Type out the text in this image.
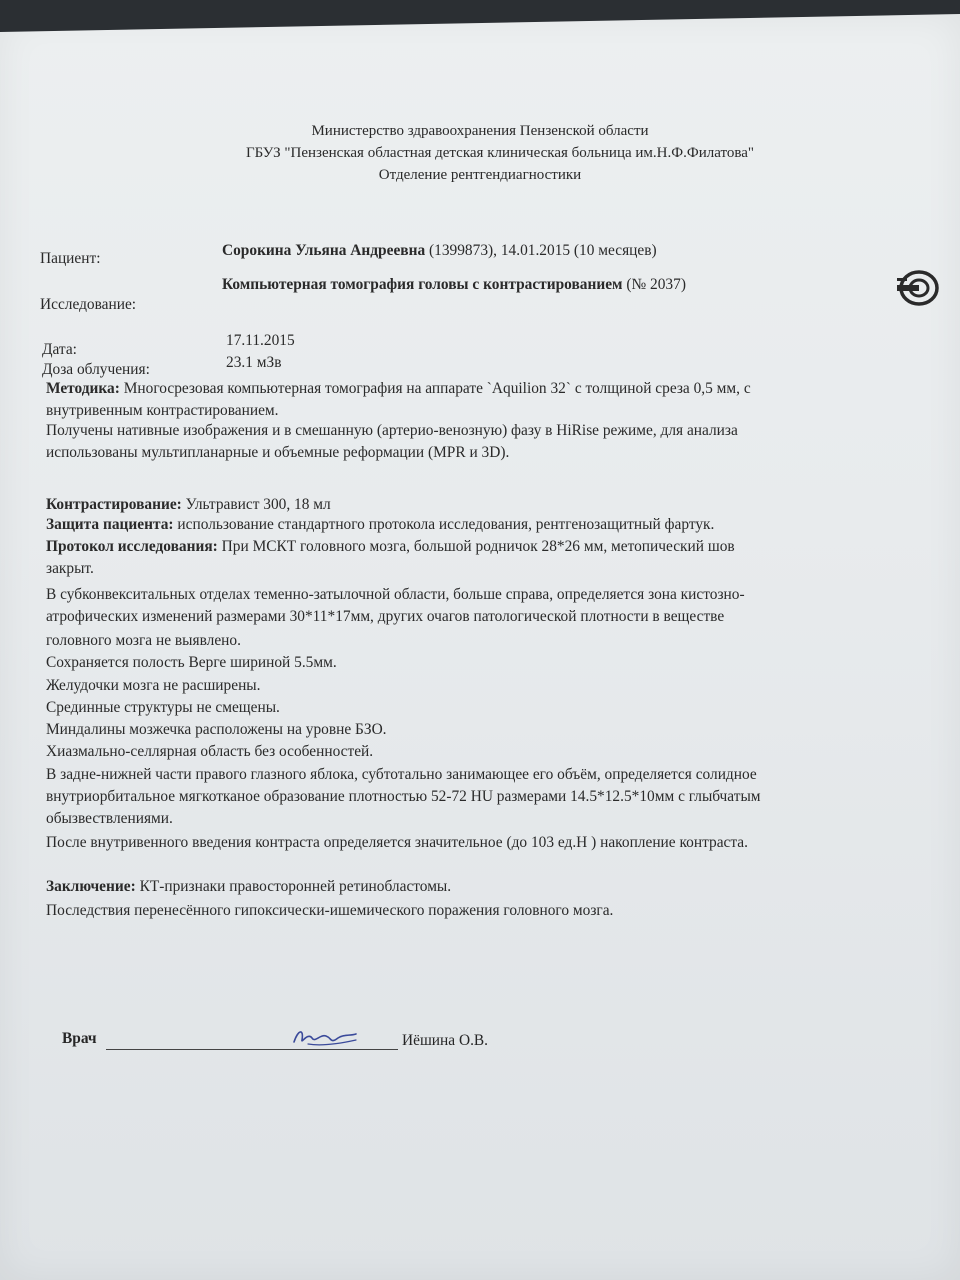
Министерство здравоохранения Пензенской области
ГБУЗ "Пензенская областная детская клиническая больница им.Н.Ф.Филатова"
Отделение рентгендиагностики
Пациент:	Сорокина Ульяна Андреевна (1399873), 14.01.2015 (10 месяцев)
Исследование:
Компьютерная томография головы с контрастированием (№ 2037)
Дата:
17.11.2015
Доза облучения:	23.1 мЗв
Методика: Многосрезовая компьютерная томография на аппарате `Aquilion 32` с толщиной среза 0,5 мм, с
внутривенным контрастированием.
Получены нативные изображения и в смешанную (артерио-венозную) фазу в HiRise режиме, для анализа
использованы мультипланарные и объемные реформации (MPR и 3D).
Контрастирование: Ультравист 300, 18 мл
Защита пациента: использование стандартного протокола исследования, рентгенозащитный фартук.
Протокол исследования: При МСКТ головного мозга, большой родничок 28*26 мм, метопический шов
закрыт.
В субконвекситальных отделах теменно-затылочной области, больше справа, определяется зона кистозно-
атрофических изменений размерами 30*11*17мм, других очагов патологической плотности в веществе
головного мозга не выявлено.
Сохраняется полость Верге шириной 5.5мм.
Желудочки мозга не расширены.
Срединные структуры не смещены.
Миндалины мозжечка расположены на уровне БЗО.
Хиазмально-селлярная область без особенностей.
В задне-нижней части правого глазного яблока, субтотально занимающее его объём, определяется солидное
внутриорбитальное мягкотканое образование плотностью 52-72 HU размерами 14.5*12.5*10мм с глыбчатым
обызвествлениями.
После внутривенного введения контраста определяется значительное (до 103 ед.Н ) накопление контраста.
Заключение: КТ-признаки правосторонней ретинобластомы.
Последствия перенесённого гипоксически-ишемического поражения головного мозга.
Врач	Иёшина О.В.
